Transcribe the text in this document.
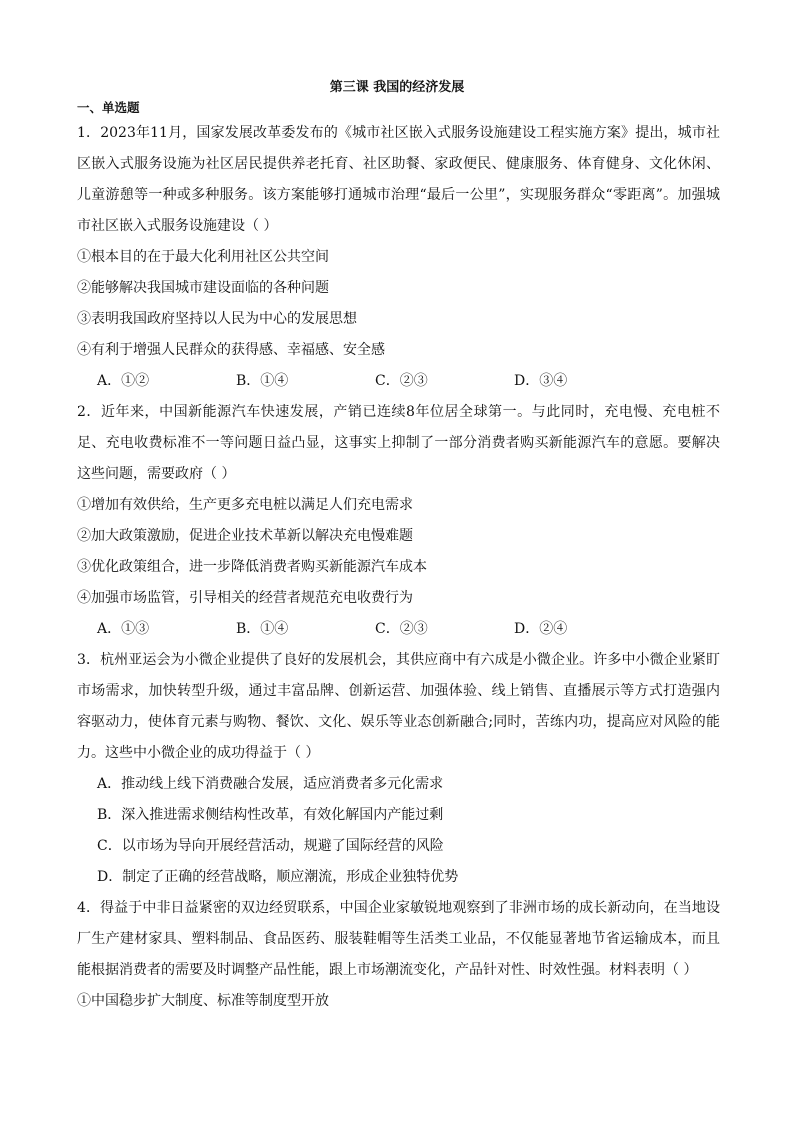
第三课 我国的经济发展
一、单选题

1．2023年11月，国家发展改革委发布的《城市社区嵌入式服务设施建设工程实施方案》提出，城市社区嵌入式服务设施为社区居民提供养老托育、社区助餐、家政便民、健康服务、体育健身、文化休闲、儿童游憩等一种或多种服务。该方案能够打通城市治理“最后一公里”，实现服务群众“零距离”。加强城市社区嵌入式服务设施建设（ ）

①根本目的在于最大化利用社区公共空间

②能够解决我国城市建设面临的各种问题

③表明我国政府坚持以人民为中心的发展思想

④有利于增强人民群众的获得感、幸福感、安全感

A．①②	B．①④	C．②③	D．③④

2．近年来，中国新能源汽车快速发展，产销已连续8年位居全球第一。与此同时，充电慢、充电桩不足、充电收费标准不一等问题日益凸显，这事实上抑制了一部分消费者购买新能源汽车的意愿。要解决这些问题，需要政府（ ）

①增加有效供给，生产更多充电桩以满足人们充电需求

②加大政策激励，促进企业技术革新以解决充电慢难题

③优化政策组合，进一步降低消费者购买新能源汽车成本

④加强市场监管，引导相关的经营者规范充电收费行为

A．①③	B．①④	C．②③	D．②④

3．杭州亚运会为小微企业提供了良好的发展机会，其供应商中有六成是小微企业。许多中小微企业紧盯市场需求，加快转型升级，通过丰富品牌、创新运营、加强体验、线上销售、直播展示等方式打造强内容驱动力，使体育元素与购物、餐饮、文化、娱乐等业态创新融合;同时，苦练内功，提高应对风险的能力。这些中小微企业的成功得益于（ ）

A．推动线上线下消费融合发展，适应消费者多元化需求

B．深入推进需求侧结构性改革，有效化解国内产能过剩

C．以市场为导向开展经营活动，规避了国际经营的风险

D．制定了正确的经营战略，顺应潮流，形成企业独特优势

4．得益于中非日益紧密的双边经贸联系，中国企业家敏锐地观察到了非洲市场的成长新动向，在当地设厂生产建材家具、塑料制品、食品医药、服装鞋帽等生活类工业品，不仅能显著地节省运输成本，而且能根据消费者的需要及时调整产品性能，跟上市场潮流变化，产品针对性、时效性强。材料表明（ ）

①中国稳步扩大制度、标准等制度型开放
